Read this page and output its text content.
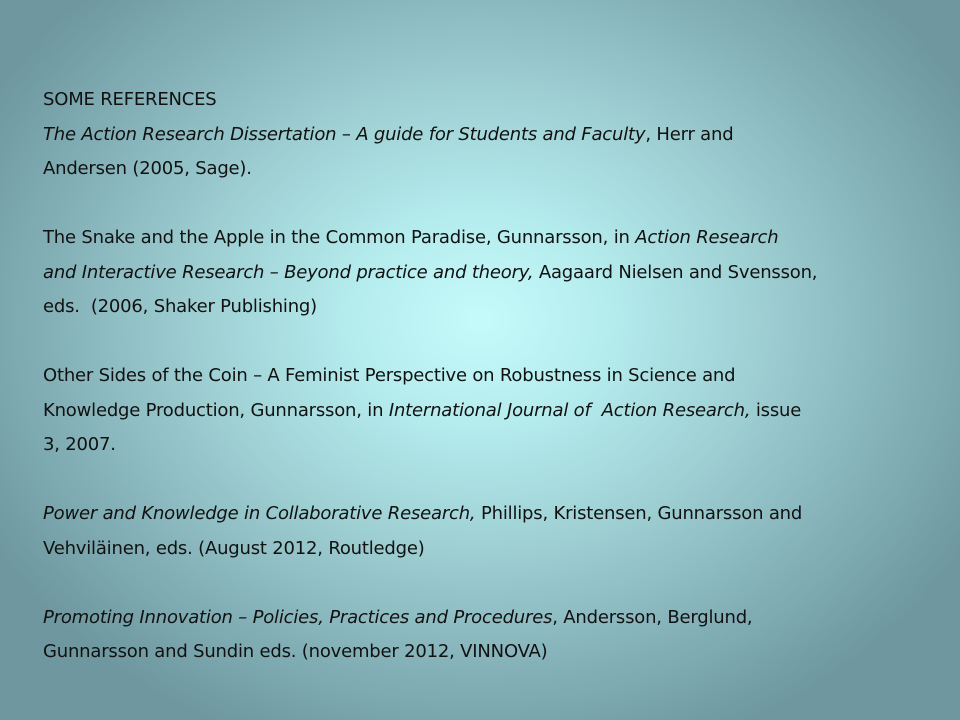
SOME REFERENCES

The Action Research Dissertation – A guide for Students and Faculty, Herr and

Andersen (2005, Sage).

The Snake and the Apple in the Common Paradise, Gunnarsson, in Action Research

and Interactive Research – Beyond practice and theory, Aagaard Nielsen and Svensson,

eds.  (2006, Shaker Publishing)

Other Sides of the Coin – A Feminist Perspective on Robustness in Science and

Knowledge Production, Gunnarsson, in International Journal of  Action Research, issue

3, 2007.

Power and Knowledge in Collaborative Research, Phillips, Kristensen, Gunnarsson and

Vehviläinen, eds. (August 2012, Routledge)

Promoting Innovation – Policies, Practices and Procedures, Andersson, Berglund,

Gunnarsson and Sundin eds. (november 2012, VINNOVA)
